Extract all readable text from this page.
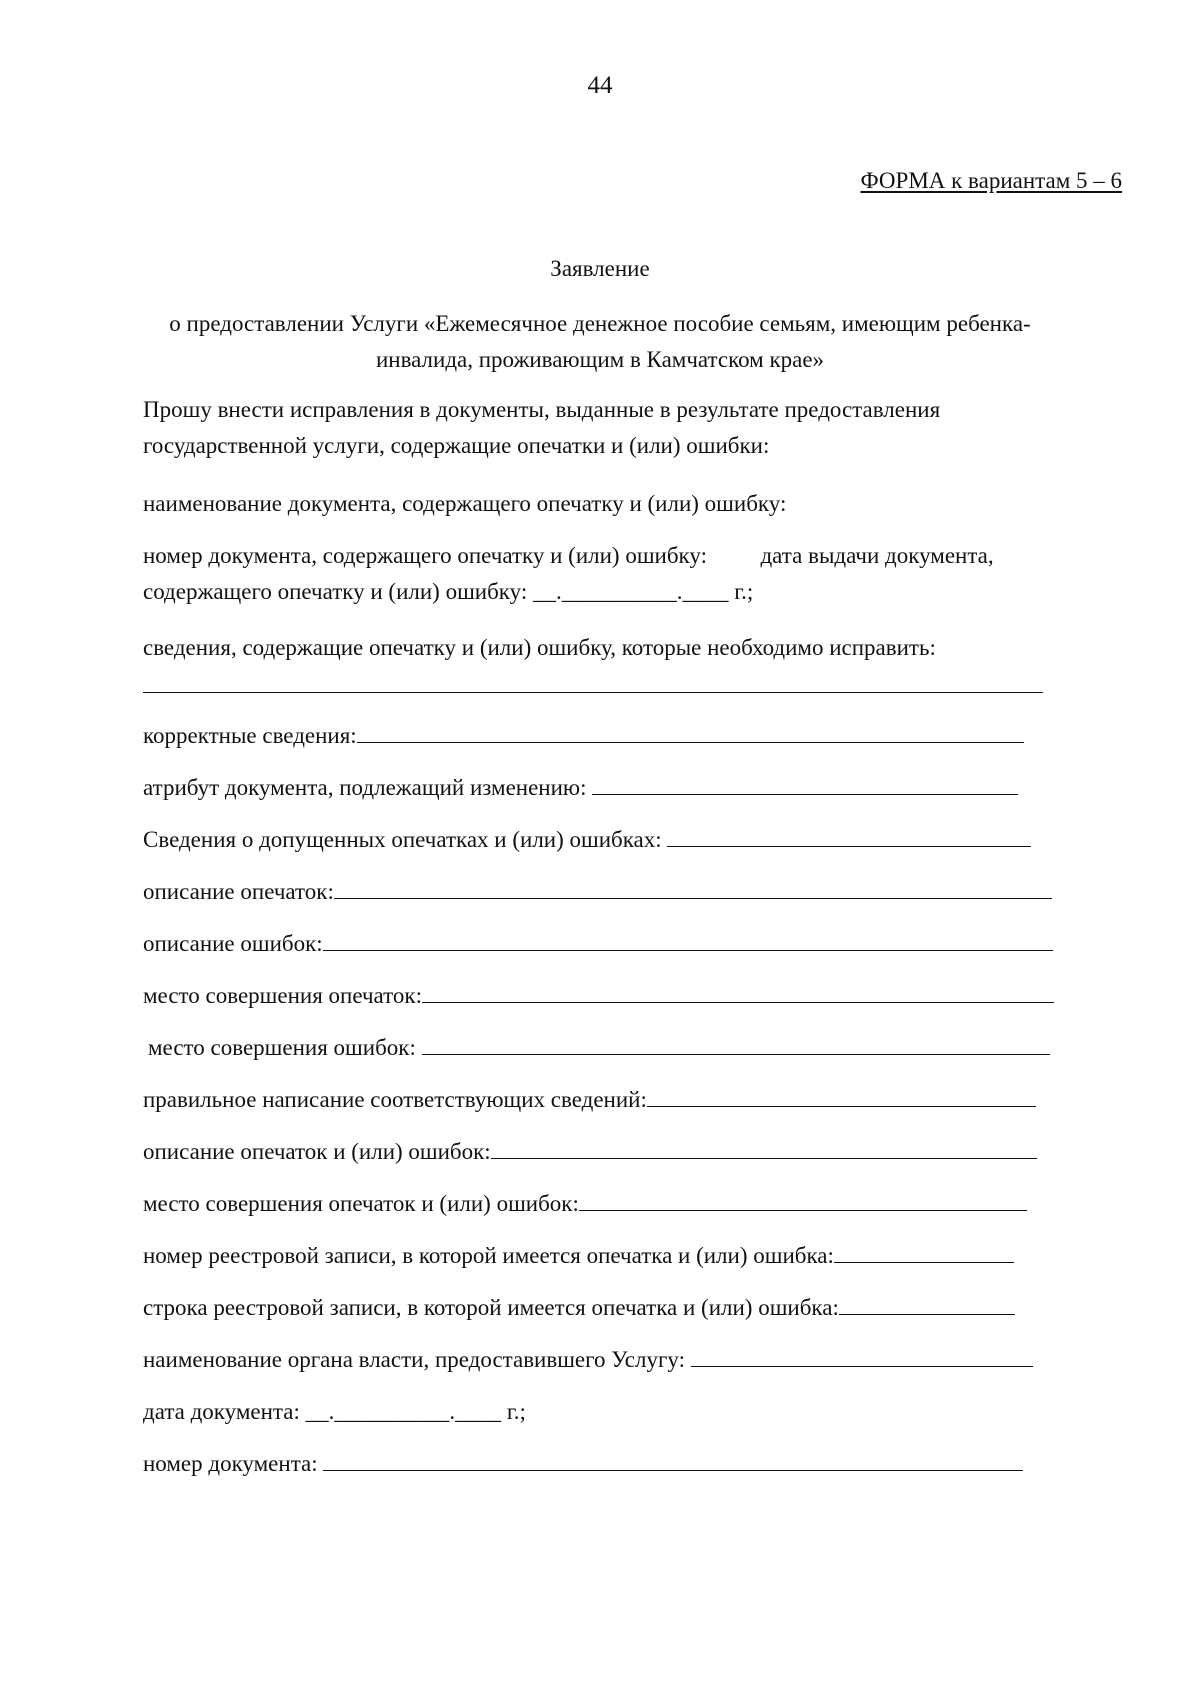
44
ФОРМА к вариантам 5 – 6
Заявление
о предоставлении Услуги «Ежемесячное денежное пособие семьям, имеющим ребенка-
инвалида, проживающим в Камчатском крае»
Прошу внести исправления в документы, выданные в результате предоставления
государственной услуги, содержащие опечатки и (или) ошибки:
наименование документа, содержащего опечатку и (или) ошибку:
номер документа, содержащего опечатку и (или) ошибку: дата выдачи документа,
содержащего опечатку и (или) ошибку: __.__________.____ г.;
сведения, содержащие опечатку и (или) ошибку, которые необходимо исправить:
корректные сведения:
атрибут документа, подлежащий изменению:
Сведения о допущенных опечатках и (или) ошибках:
описание опечаток:
описание ошибок:
место совершения опечаток:
место совершения ошибок:
правильное написание соответствующих сведений:
описание опечаток и (или) ошибок:
место совершения опечаток и (или) ошибок:
номер реестровой записи, в которой имеется опечатка и (или) ошибка:
строка реестровой записи, в которой имеется опечатка и (или) ошибка:
наименование органа власти, предоставившего Услугу:
дата документа: __.__________.____ г.;
номер документа:
